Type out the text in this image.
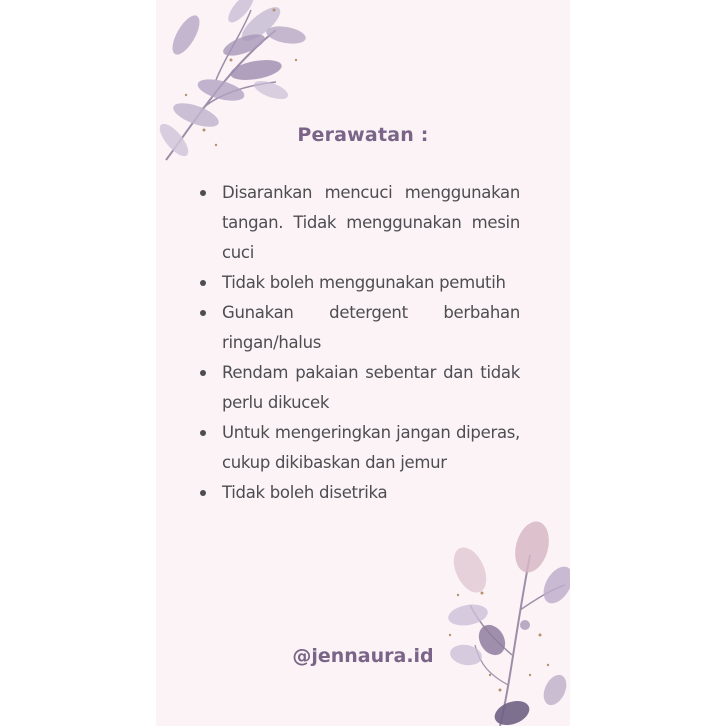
Perawatan :
Disarankan mencuci menggunakan tangan. Tidak menggunakan mesin cuci
Tidak boleh menggunakan pemutih
Gunakan detergent berbahan ringan/halus
Rendam pakaian sebentar dan tidak perlu dikucek
Untuk mengeringkan jangan diperas, cukup dikibaskan dan jemur
Tidak boleh disetrika
@jennaura.id
